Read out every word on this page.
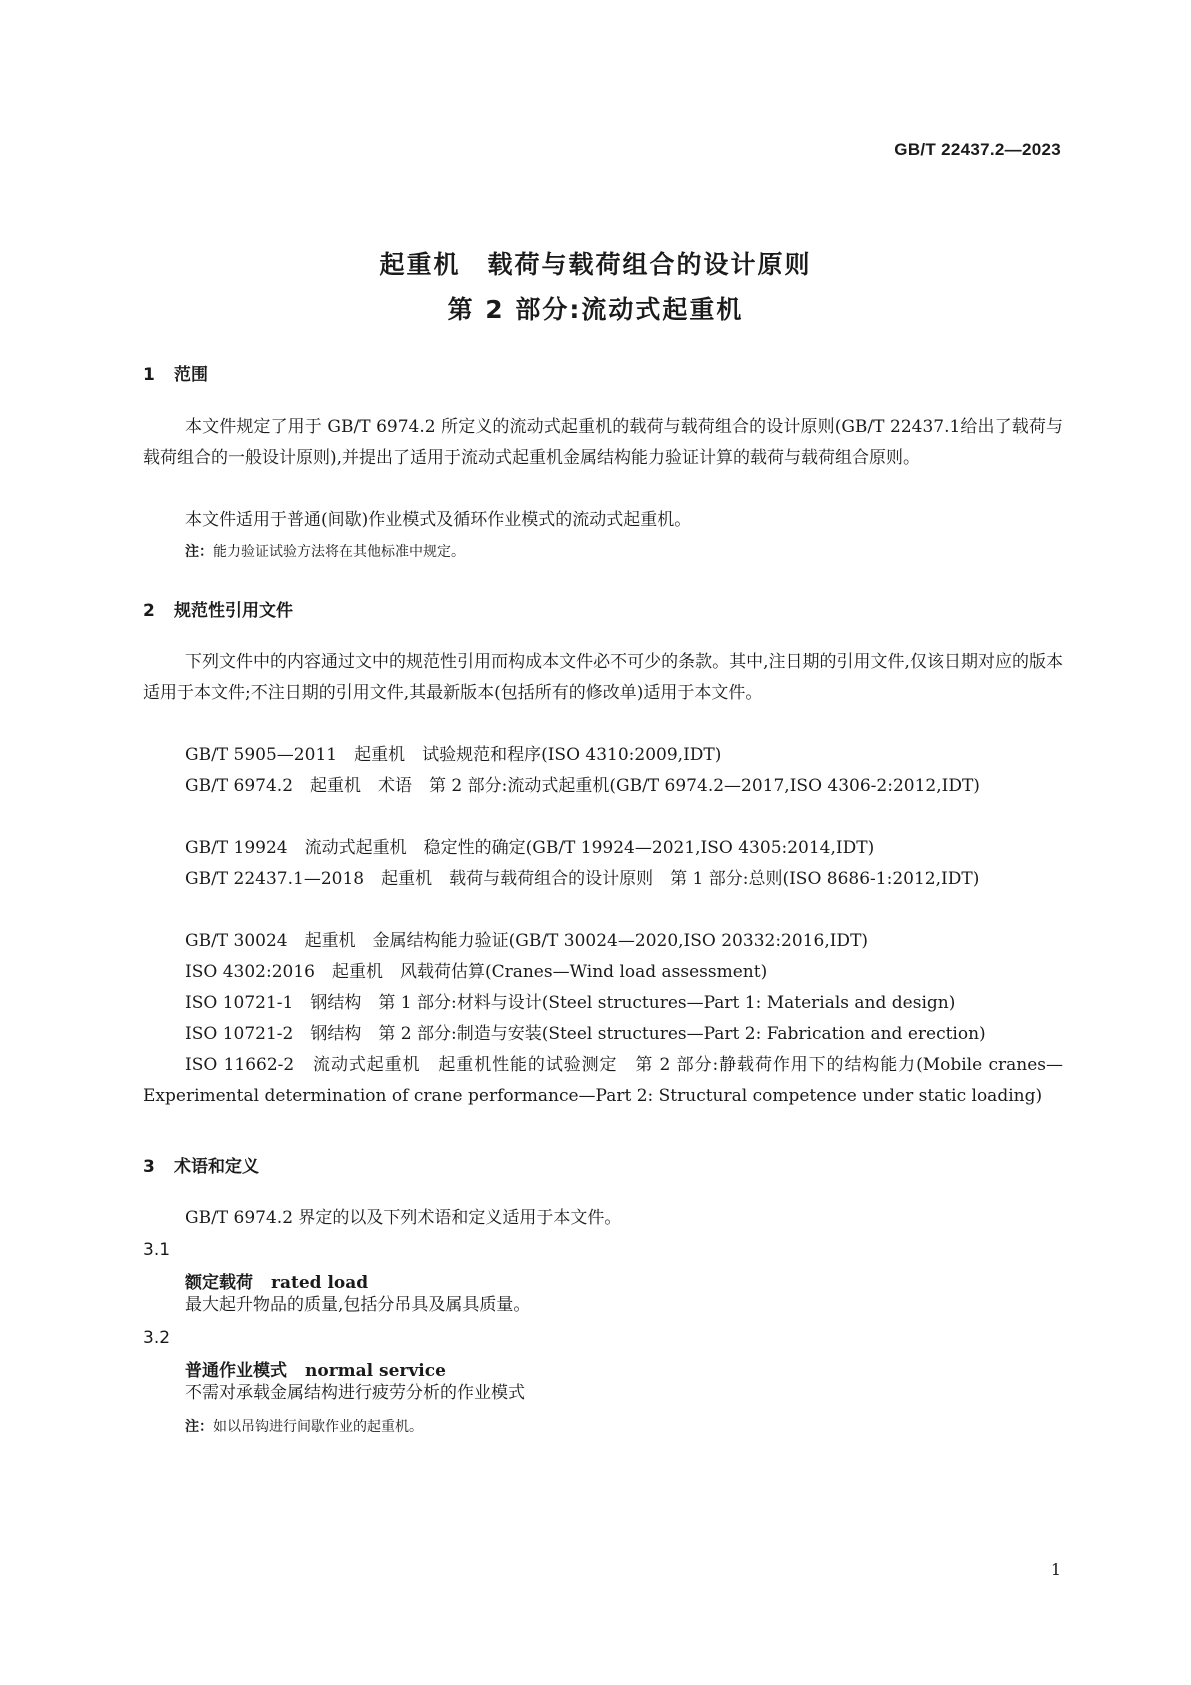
GB/T 22437.2—2023
起重机　载荷与载荷组合的设计原则
第 2 部分:流动式起重机
1 范围
本文件规定了用于 GB/T 6974.2 所定义的流动式起重机的载荷与载荷组合的设计原则(GB/T 22437.1给出了载荷与载荷组合的一般设计原则),并提出了适用于流动式起重机金属结构能力验证计算的载荷与载荷组合原则。
本文件适用于普通(间歇)作业模式及循环作业模式的流动式起重机。
注：能力验证试验方法将在其他标准中规定。
2 规范性引用文件
下列文件中的内容通过文中的规范性引用而构成本文件必不可少的条款。其中,注日期的引用文件,仅该日期对应的版本适用于本文件;不注日期的引用文件,其最新版本(包括所有的修改单)适用于本文件。
GB/T 5905—2011　起重机　试验规范和程序(ISO 4310:2009,IDT)
GB/T 6974.2　起重机　术语　第 2 部分:流动式起重机(GB/T 6974.2—2017,ISO 4306-2:2012,IDT)
GB/T 19924　流动式起重机　稳定性的确定(GB/T 19924—2021,ISO 4305:2014,IDT)
GB/T 22437.1—2018　起重机　载荷与载荷组合的设计原则　第 1 部分:总则(ISO 8686-1:2012,IDT)
GB/T 30024　起重机　金属结构能力验证(GB/T 30024—2020,ISO 20332:2016,IDT)
ISO 4302:2016　起重机　风载荷估算(Cranes—Wind load assessment)
ISO 10721-1　钢结构　第 1 部分:材料与设计(Steel structures—Part 1: Materials and design)
ISO 10721-2　钢结构　第 2 部分:制造与安装(Steel structures—Part 2: Fabrication and erection)
ISO 11662-2　流动式起重机　起重机性能的试验测定　第 2 部分:静载荷作用下的结构能力(Mobile cranes—Experimental determination of crane performance—Part 2: Structural competence under static loading)
3 术语和定义
GB/T 6974.2 界定的以及下列术语和定义适用于本文件。
3.1
额定载荷 rated load
最大起升物品的质量,包括分吊具及属具质量。
3.2
普通作业模式 normal service
不需对承载金属结构进行疲劳分析的作业模式
注：如以吊钩进行间歇作业的起重机。
1
